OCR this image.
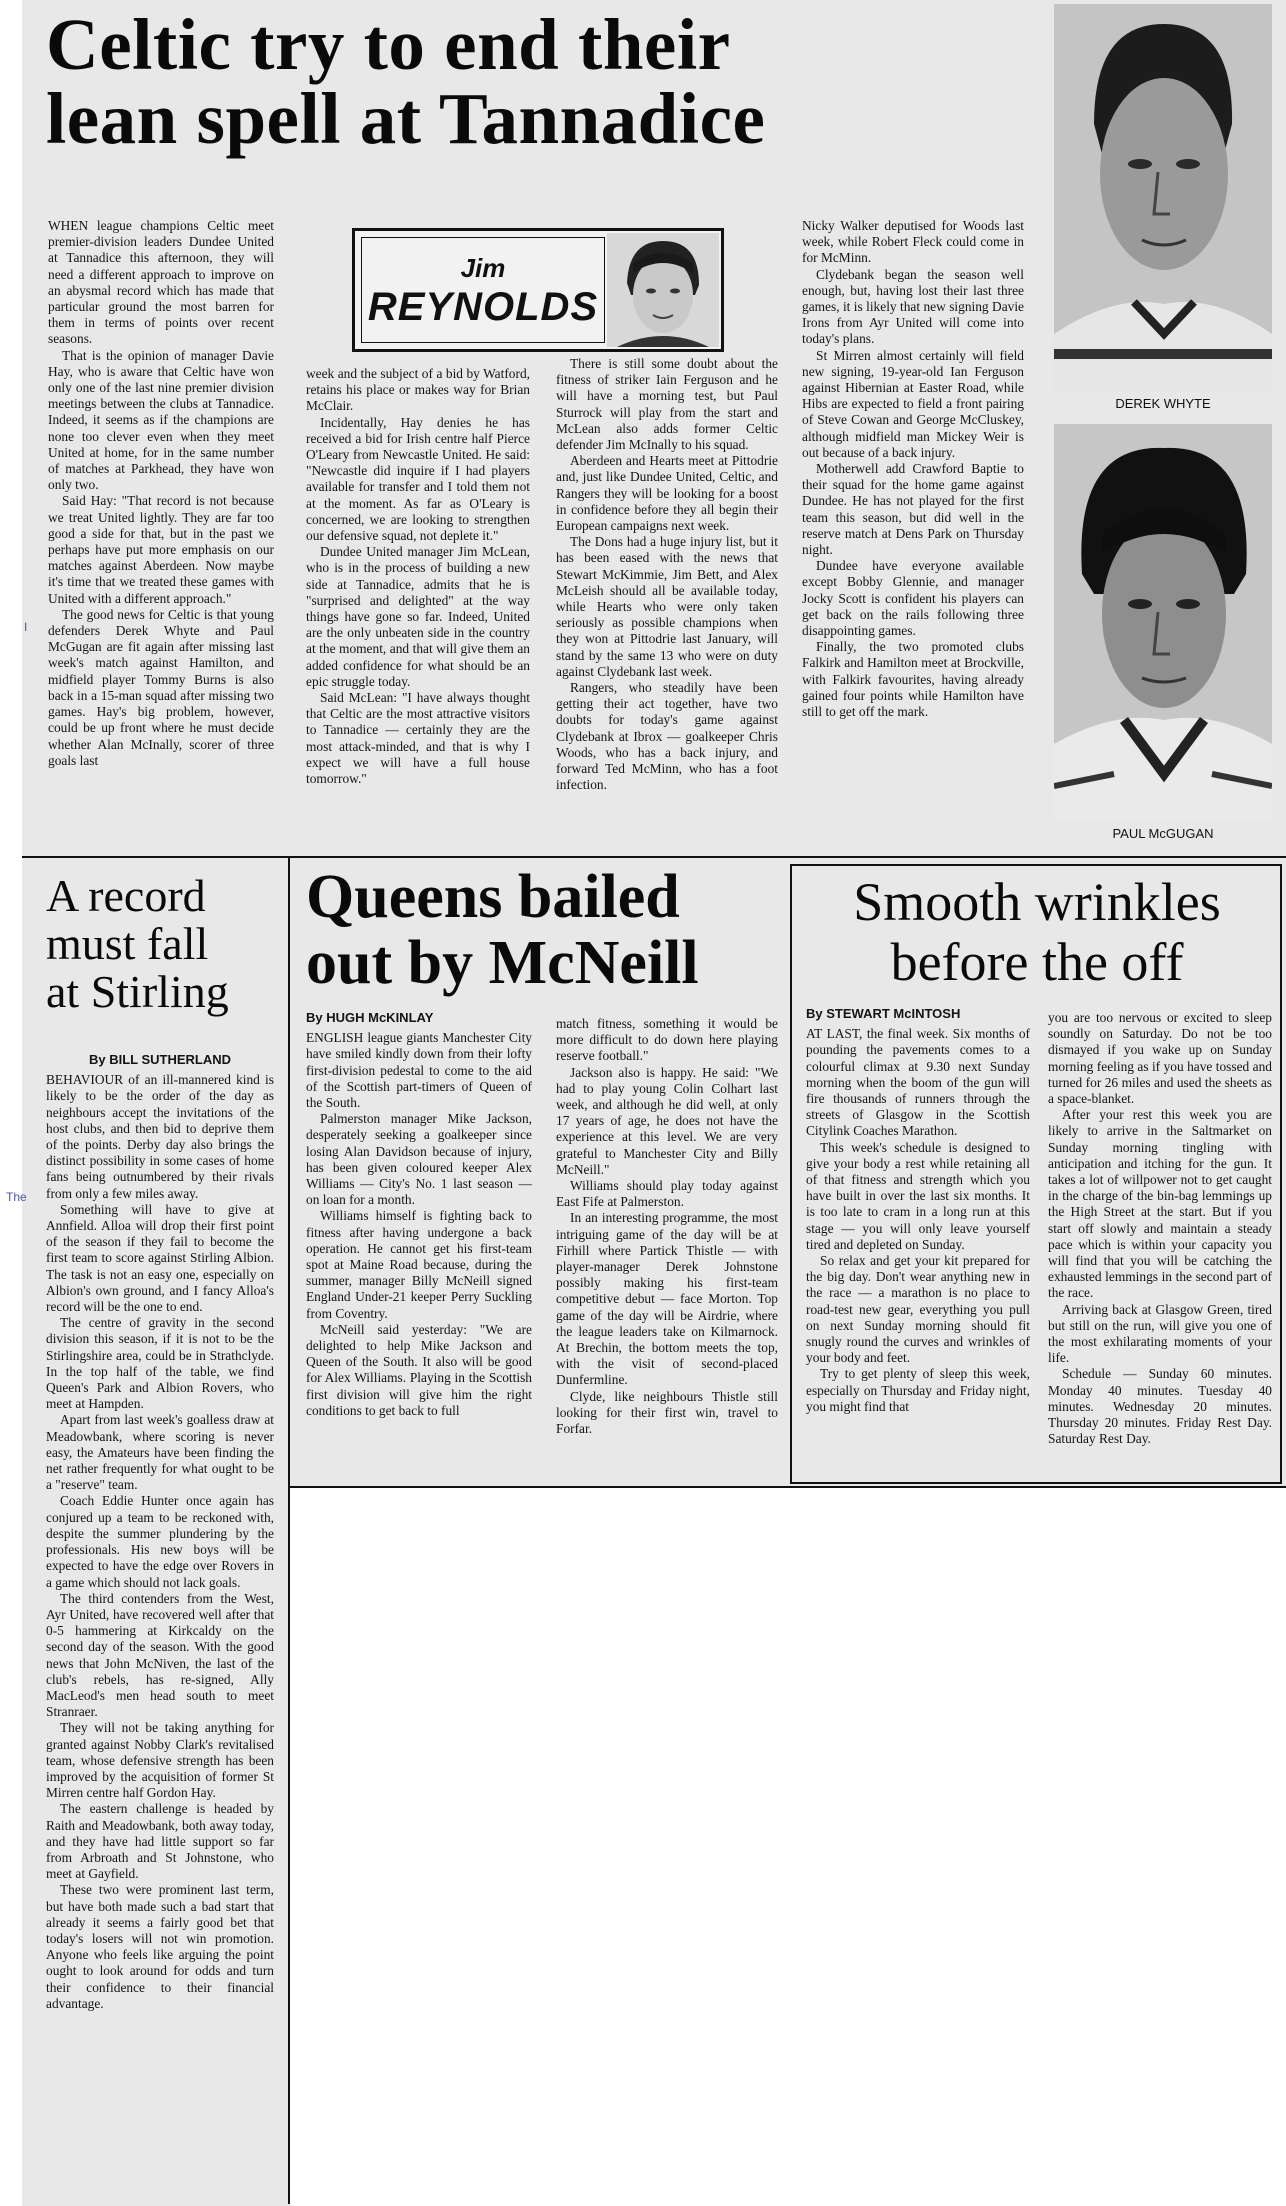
Celtic try to end their
lean spell at Tannadice

WHEN league champions Celtic meet premier-division leaders Dundee United at Tannadice this afternoon, they will need a different approach to improve on an abysmal record which has made that particular ground the most barren for them in terms of points over recent seasons.

That is the opinion of manager Davie Hay, who is aware that Celtic have won only one of the last nine premier division meetings between the clubs at Tannadice. Indeed, it seems as if the champions are none too clever even when they meet United at home, for in the same number of matches at Parkhead, they have won only two.

Said Hay: "That record is not because we treat United lightly. They are far too good a side for that, but in the past we perhaps have put more emphasis on our matches against Aberdeen. Now maybe it's time that we treated these games with United with a different approach."

The good news for Celtic is that young defenders Derek Whyte and Paul McGugan are fit again after missing last week's match against Hamilton, and midfield player Tommy Burns is also back in a 15-man squad after missing two games. Hay's big problem, however, could be up front where he must decide whether Alan McInally, scorer of three goals last

Jim
REYNOLDS

week and the subject of a bid by Watford, retains his place or makes way for Brian McClair.

Incidentally, Hay denies he has received a bid for Irish centre half Pierce O'Leary from Newcastle United. He said: "Newcastle did inquire if I had players available for transfer and I told them not at the moment. As far as O'Leary is concerned, we are looking to strengthen our defensive squad, not deplete it."

Dundee United manager Jim McLean, who is in the process of building a new side at Tannadice, admits that he is "surprised and delighted" at the way things have gone so far. Indeed, United are the only unbeaten side in the country at the moment, and that will give them an added confidence for what should be an epic struggle today.

Said McLean: "I have always thought that Celtic are the most attractive visitors to Tannadice — certainly they are the most attack-minded, and that is why I expect we will have a full house tomorrow."

There is still some doubt about the fitness of striker Iain Ferguson and he will have a morning test, but Paul Sturrock will play from the start and McLean also adds former Celtic defender Jim McInally to his squad.

Aberdeen and Hearts meet at Pittodrie and, just like Dundee United, Celtic, and Rangers they will be looking for a boost in confidence before they all begin their European campaigns next week.

The Dons had a huge injury list, but it has been eased with the news that Stewart McKimmie, Jim Bett, and Alex McLeish should all be available today, while Hearts who were only taken seriously as possible champions when they won at Pittodrie last January, will stand by the same 13 who were on duty against Clydebank last week.

Rangers, who steadily have been getting their act together, have two doubts for today's game against Clydebank at Ibrox — goalkeeper Chris Woods, who has a back injury, and forward Ted McMinn, who has a foot infection.

Nicky Walker deputised for Woods last week, while Robert Fleck could come in for McMinn.

Clydebank began the season well enough, but, having lost their last three games, it is likely that new signing Davie Irons from Ayr United will come into today's plans.

St Mirren almost certainly will field new signing, 19-year-old Ian Ferguson against Hibernian at Easter Road, while Hibs are expected to field a front pairing of Steve Cowan and George McCluskey, although midfield man Mickey Weir is out because of a back injury.

Motherwell add Crawford Baptie to their squad for the home game against Dundee. He has not played for the first team this season, but did well in the reserve match at Dens Park on Thursday night.

Dundee have everyone available except Bobby Glennie, and manager Jocky Scott is confident his players can get back on the rails following three disappointing games.

Finally, the two promoted clubs Falkirk and Hamilton meet at Brockville, with Falkirk favourites, having already gained four points while Hamilton have still to get off the mark.

DEREK WHYTE
PAUL McGUGAN
A record
must fall
at Stirling
By BILL SUTHERLAND

BEHAVIOUR of an ill-mannered kind is likely to be the order of the day as neighbours accept the invitations of the host clubs, and then bid to deprive them of the points. Derby day also brings the distinct possibility in some cases of home fans being outnumbered by their rivals from only a few miles away.

Something will have to give at Annfield. Alloa will drop their first point of the season if they fail to become the first team to score against Stirling Albion. The task is not an easy one, especially on Albion's own ground, and I fancy Alloa's record will be the one to end.

The centre of gravity in the second division this season, if it is not to be the Stirlingshire area, could be in Strathclyde. In the top half of the table, we find Queen's Park and Albion Rovers, who meet at Hampden.

Apart from last week's goalless draw at Meadowbank, where scoring is never easy, the Amateurs have been finding the net rather frequently for what ought to be a "reserve" team.

Coach Eddie Hunter once again has conjured up a team to be reckoned with, despite the summer plundering by the professionals. His new boys will be expected to have the edge over Rovers in a game which should not lack goals.

The third contenders from the West, Ayr United, have recovered well after that 0-5 hammering at Kirkcaldy on the second day of the season. With the good news that John McNiven, the last of the club's rebels, has re-signed, Ally MacLeod's men head south to meet Stranraer.

They will not be taking anything for granted against Nobby Clark's revitalised team, whose defensive strength has been improved by the acquisition of former St Mirren centre half Gordon Hay.

The eastern challenge is headed by Raith and Meadowbank, both away today, and they have had little support so far from Arbroath and St Johnstone, who meet at Gayfield.

These two were prominent last term, but have both made such a bad start that already it seems a fairly good bet that today's losers will not win promotion. Anyone who feels like arguing the point ought to look around for odds and turn their confidence to their financial advantage.

Queens bailed
out by McNeill
By HUGH McKINLAY

ENGLISH league giants Manchester City have smiled kindly down from their lofty first-division pedestal to come to the aid of the Scottish part-timers of Queen of the South.

Palmerston manager Mike Jackson, desperately seeking a goalkeeper since losing Alan Davidson because of injury, has been given coloured keeper Alex Williams — City's No. 1 last season — on loan for a month.

Williams himself is fighting back to fitness after having undergone a back operation. He cannot get his first-team spot at Maine Road because, during the summer, manager Billy McNeill signed England Under-21 keeper Perry Suckling from Coventry.

McNeill said yesterday: "We are delighted to help Mike Jackson and Queen of the South. It also will be good for Alex Williams. Playing in the Scottish first division will give him the right conditions to get back to full

match fitness, something it would be more difficult to do down here playing reserve football."

Jackson also is happy. He said: "We had to play young Colin Colhart last week, and although he did well, at only 17 years of age, he does not have the experience at this level. We are very grateful to Manchester City and Billy McNeill."

Williams should play today against East Fife at Palmerston.

In an interesting programme, the most intriguing game of the day will be at Firhill where Partick Thistle — with player-manager Derek Johnstone possibly making his first-team competitive debut — face Morton. Top game of the day will be Airdrie, where the league leaders take on Kilmarnock. At Brechin, the bottom meets the top, with the visit of second-placed Dunfermline.

Clyde, like neighbours Thistle still looking for their first win, travel to Forfar.

Smooth wrinkles
before the off
By STEWART McINTOSH

AT LAST, the final week. Six months of pounding the pavements comes to a colourful climax at 9.30 next Sunday morning when the boom of the gun will fire thousands of runners through the streets of Glasgow in the Scottish Citylink Coaches Marathon.

This week's schedule is designed to give your body a rest while retaining all of that fitness and strength which you have built in over the last six months. It is too late to cram in a long run at this stage — you will only leave yourself tired and depleted on Sunday.

So relax and get your kit prepared for the big day. Don't wear anything new in the race — a marathon is no place to road-test new gear, everything you pull on next Sunday morning should fit snugly round the curves and wrinkles of your body and feet.

Try to get plenty of sleep this week, especially on Thursday and Friday night, you might find that

you are too nervous or excited to sleep soundly on Saturday. Do not be too dismayed if you wake up on Sunday morning feeling as if you have tossed and turned for 26 miles and used the sheets as a space-blanket.

After your rest this week you are likely to arrive in the Saltmarket on Sunday morning tingling with anticipation and itching for the gun. It takes a lot of willpower not to get caught in the charge of the bin-bag lemmings up the High Street at the start. But if you start off slowly and maintain a steady pace which is within your capacity you will find that you will be catching the exhausted lemmings in the second part of the race.

Arriving back at Glasgow Green, tired but still on the run, will give you one of the most exhilarating moments of your life.

Schedule — Sunday 60 minutes. Monday 40 minutes. Tuesday 40 minutes. Wednesday 20 minutes. Thursday 20 minutes. Friday Rest Day. Saturday Rest Day.

I
The
